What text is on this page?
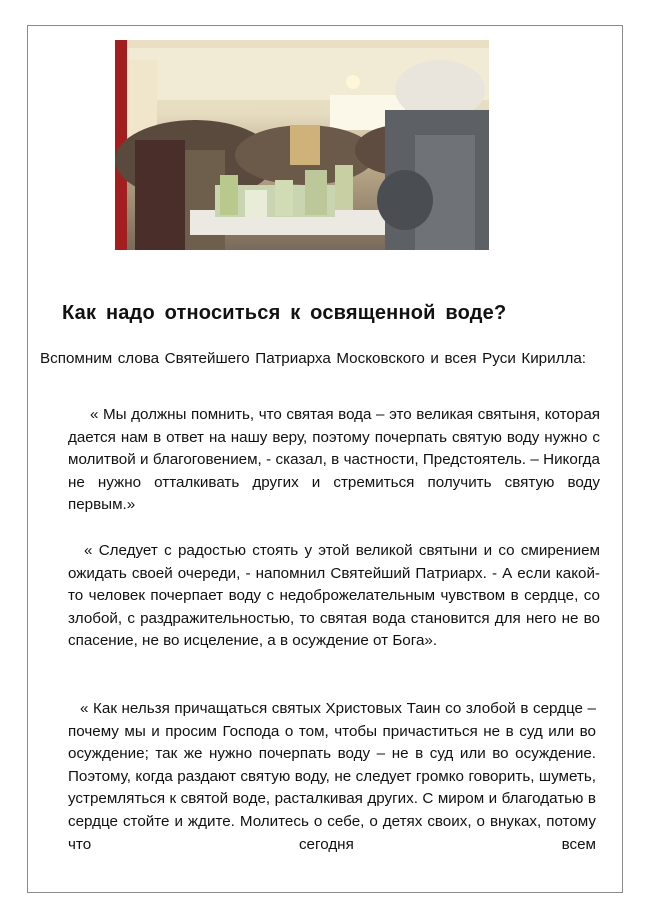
Как надо относиться к освященной воде?
Вспомним слова Святейшего Патриарха Московского и всея Руси Кирилла:
« Мы должны помнить, что святая вода – это великая святыня, которая дается нам в ответ на нашу веру, поэтому почерпать святую воду нужно с молитвой и благоговением, - сказал, в частности, Предстоятель. – Никогда не нужно отталкивать других и стремиться получить святую воду первым.»
« Следует с радостью стоять у этой великой святыни и со смирением ожидать своей очереди, - напомнил Святейший Патриарх. - А если какой-то человек почерпает воду с недоброжелательным чувством в сердце, со злобой, с раздражительностью, то святая вода становится для него не во спасение, не во исцеление, а в осуждение от Бога».
« Как нельзя причащаться святых Христовых Таин со злобой в сердце – почему мы и просим Господа о том, чтобы причаститься не в суд или во осуждение; так же нужно почерпать воду – не в суд или во осуждение. Поэтому, когда раздают святую воду, не следует громко говорить, шуметь, устремляться к святой воде, расталкивая других. С миром и благодатью в сердце стойте и ждите. Молитесь о себе, о детях своих, о внуках, потому что сегодня всем
